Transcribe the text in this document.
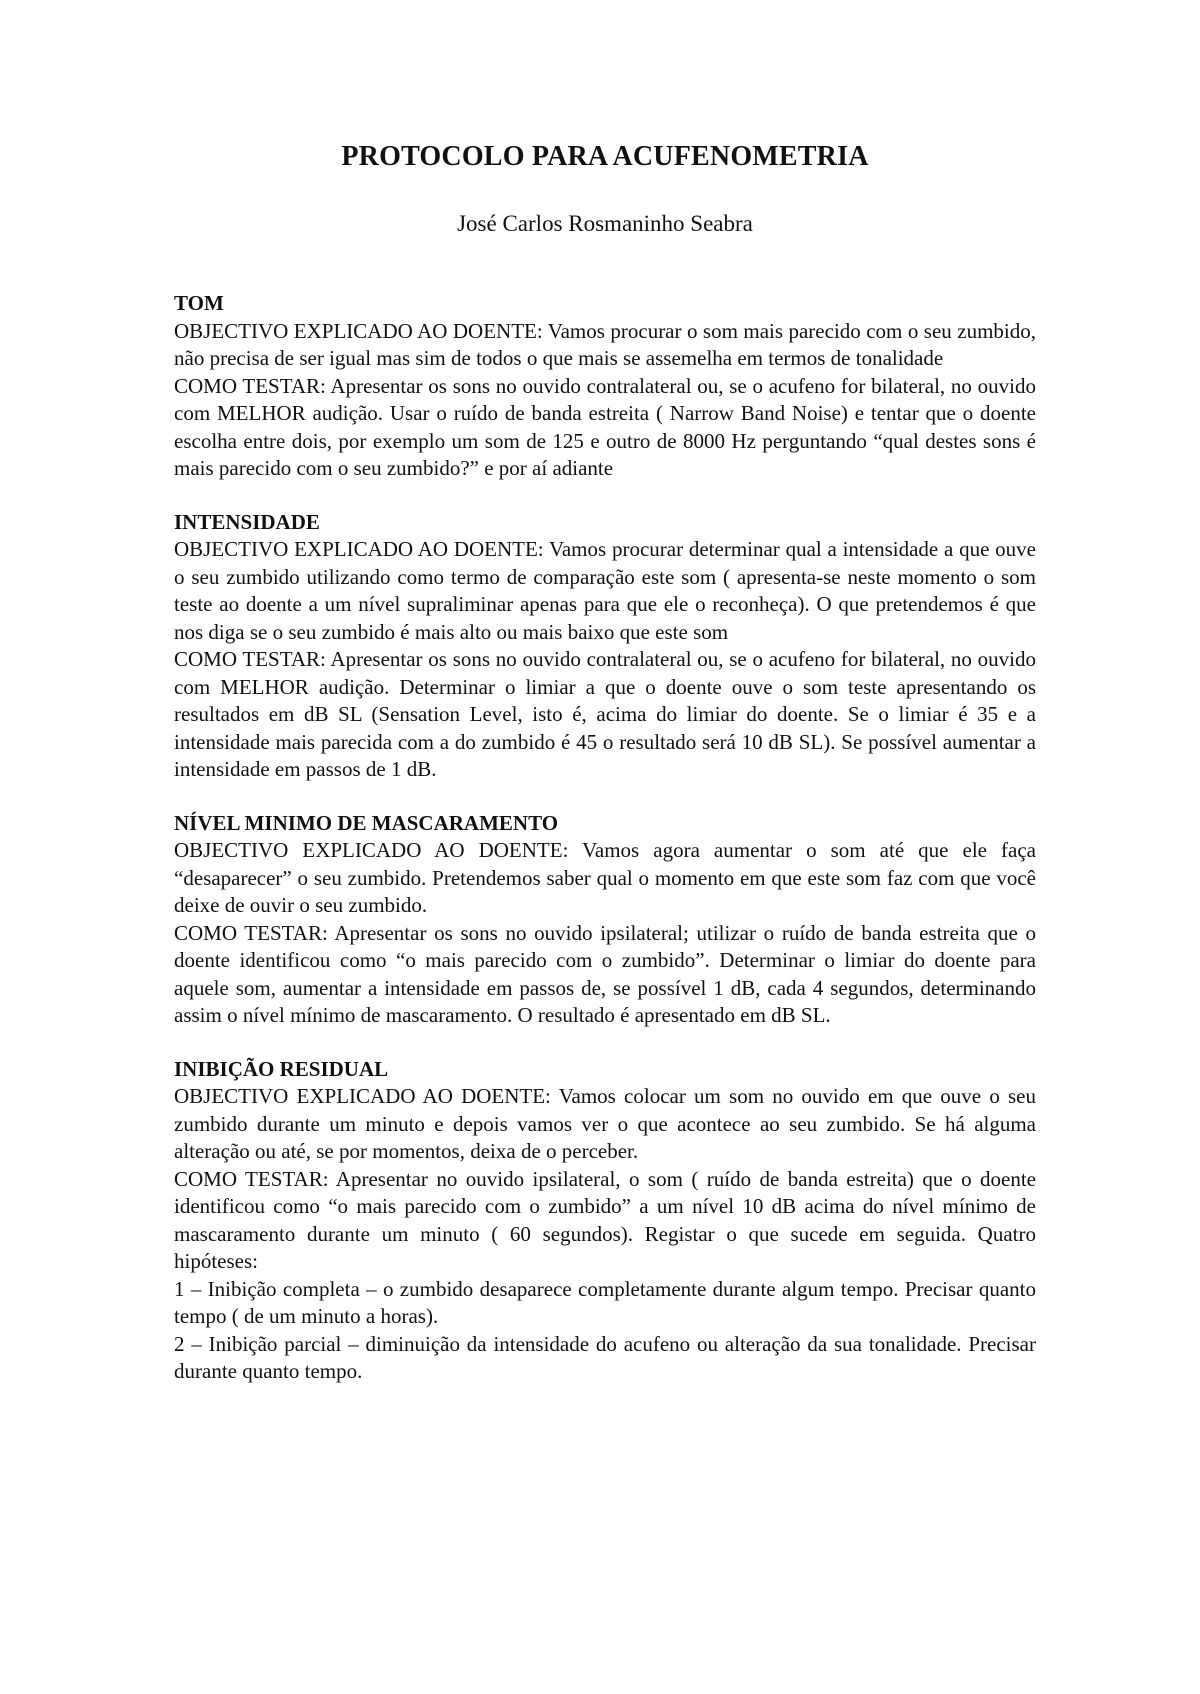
PROTOCOLO PARA ACUFENOMETRIA
José Carlos Rosmaninho Seabra
TOM

OBJECTIVO EXPLICADO AO DOENTE: Vamos procurar o som mais parecido com o seu zumbido, não precisa de ser igual mas sim de todos o que mais se assemelha em termos de tonalidade

COMO TESTAR: Apresentar os sons no ouvido contralateral ou, se o acufeno for bilateral, no ouvido com MELHOR audição. Usar o ruído de banda estreita ( Narrow Band Noise) e tentar que o doente escolha entre dois, por exemplo um som de 125 e outro de 8000 Hz perguntando “qual destes sons é mais parecido com o seu zumbido?” e por aí adiante

INTENSIDADE

OBJECTIVO EXPLICADO AO DOENTE: Vamos procurar determinar qual a intensidade a que ouve o seu zumbido utilizando como termo de comparação este som ( apresenta-se neste momento o som teste ao doente a um nível supraliminar apenas para que ele o reconheça). O que pretendemos é que nos diga se o seu zumbido é mais alto ou mais baixo que este som

COMO TESTAR: Apresentar os sons no ouvido contralateral ou, se o acufeno for bilateral, no ouvido com MELHOR audição. Determinar o limiar a que o doente ouve o som teste apresentando os resultados em dB SL (Sensation Level, isto é, acima do limiar do doente. Se o limiar é 35 e a intensidade mais parecida com a do zumbido é 45 o resultado será 10 dB SL). Se possível aumentar a intensidade em passos de 1 dB.

NÍVEL MINIMO DE MASCARAMENTO

OBJECTIVO EXPLICADO AO DOENTE: Vamos agora aumentar o som até que ele faça “desaparecer” o seu zumbido. Pretendemos saber qual o momento em que este som faz com que você deixe de ouvir o seu zumbido.

COMO TESTAR: Apresentar os sons no ouvido ipsilateral; utilizar o ruído de banda estreita que o doente identificou como “o mais parecido com o zumbido”. Determinar o limiar do doente para aquele som, aumentar a intensidade em passos de, se possível 1 dB, cada 4 segundos, determinando assim o nível mínimo de mascaramento. O resultado é apresentado em dB SL.

INIBIÇÃO RESIDUAL

OBJECTIVO EXPLICADO AO DOENTE: Vamos colocar um som no ouvido em que ouve o seu zumbido durante um minuto e depois vamos ver o que acontece ao seu zumbido. Se há alguma alteração ou até, se por momentos, deixa de o perceber.

COMO TESTAR: Apresentar no ouvido ipsilateral, o som ( ruído de banda estreita) que o doente identificou como “o mais parecido com o zumbido” a um nível 10 dB acima do nível mínimo de mascaramento durante um minuto ( 60 segundos). Registar o que sucede em seguida. Quatro hipóteses:

1 – Inibição completa – o zumbido desaparece completamente durante algum tempo. Precisar quanto tempo ( de um minuto a horas).

2 – Inibição parcial – diminuição da intensidade do acufeno ou alteração da sua tonalidade. Precisar durante quanto tempo.
